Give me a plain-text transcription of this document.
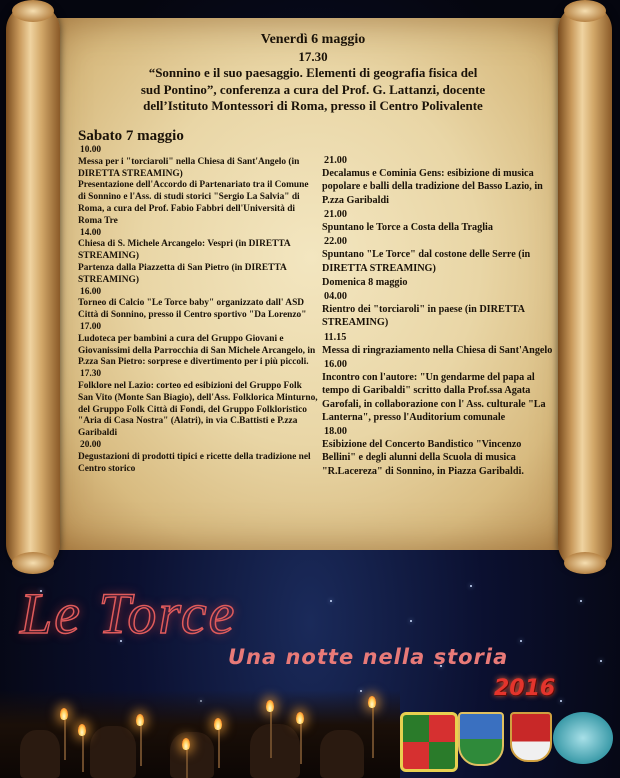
Venerdì 6 maggio
17.30
“Sonnino e il suo paesaggio. Elementi di geografia fisica del
sud Pontino”, conferenza a cura del Prof. G. Lattanzi, docente
dell’Istituto Montessori di Roma, presso il Centro Polivalente
Sabato 7 maggio
10.00
Messa per i "torciaroli" nella Chiesa di Sant'Angelo (in DIRETTA STREAMING)
Presentazione dell'Accordo di Partenariato tra il Comune di Sonnino e l'Ass. di studi storici "Sergio La Salvia" di Roma, a cura del Prof. Fabio Fabbri dell'Università di Roma Tre
14.00
Chiesa di S. Michele Arcangelo: Vespri (in DIRETTA STREAMING)
Partenza dalla Piazzetta di San Pietro (in DIRETTA STREAMING)
16.00
Torneo di Calcio "Le Torce baby" organizzato dall' ASD Città di Sonnino, presso il Centro sportivo "Da Lorenzo"
17.00
Ludoteca per bambini a cura del Gruppo Giovani e Giovanissimi della Parrocchia di San Michele Arcangelo, in P.zza San Pietro: sorprese e divertimento per i più piccoli.
17.30
Folklore nel Lazio: corteo ed esibizioni del Gruppo Folk San Vito (Monte San Biagio), dell'Ass. Folklorica Minturno, del Gruppo Folk Città di Fondi, del Gruppo Folkloristico "Aria di Casa Nostra" (Alatri), in via C.Battisti e P.zza Garibaldi
20.00
Degustazioni di prodotti tipici e ricette della tradizione nel Centro storico
21.00
Decalamus e Cominia Gens: esibizione di musica popolare e balli della tradizione del Basso Lazio, in P.zza Garibaldi
21.00
Spuntano le Torce a Costa della Traglia
22.00
Spuntano "Le Torce" dal costone delle Serre (in DIRETTA STREAMING)
Domenica 8 maggio
04.00
Rientro dei "torciaroli" in paese (in DIRETTA STREAMING)
11.15
Messa di ringraziamento nella Chiesa di Sant'Angelo
16.00
Incontro con l'autore: "Un gendarme del papa al tempo di Garibaldi" scritto dalla Prof.ssa Agata Garofali, in collaborazione con l' Ass. culturale "La Lanterna", presso l'Auditorium comunale
18.00
Esibizione del Concerto Bandistico "Vincenzo Bellini" e degli alunni della Scuola di musica "R.Lacereza" di Sonnino, in Piazza Garibaldi.
Le Torce
Una notte nella storia
2016
